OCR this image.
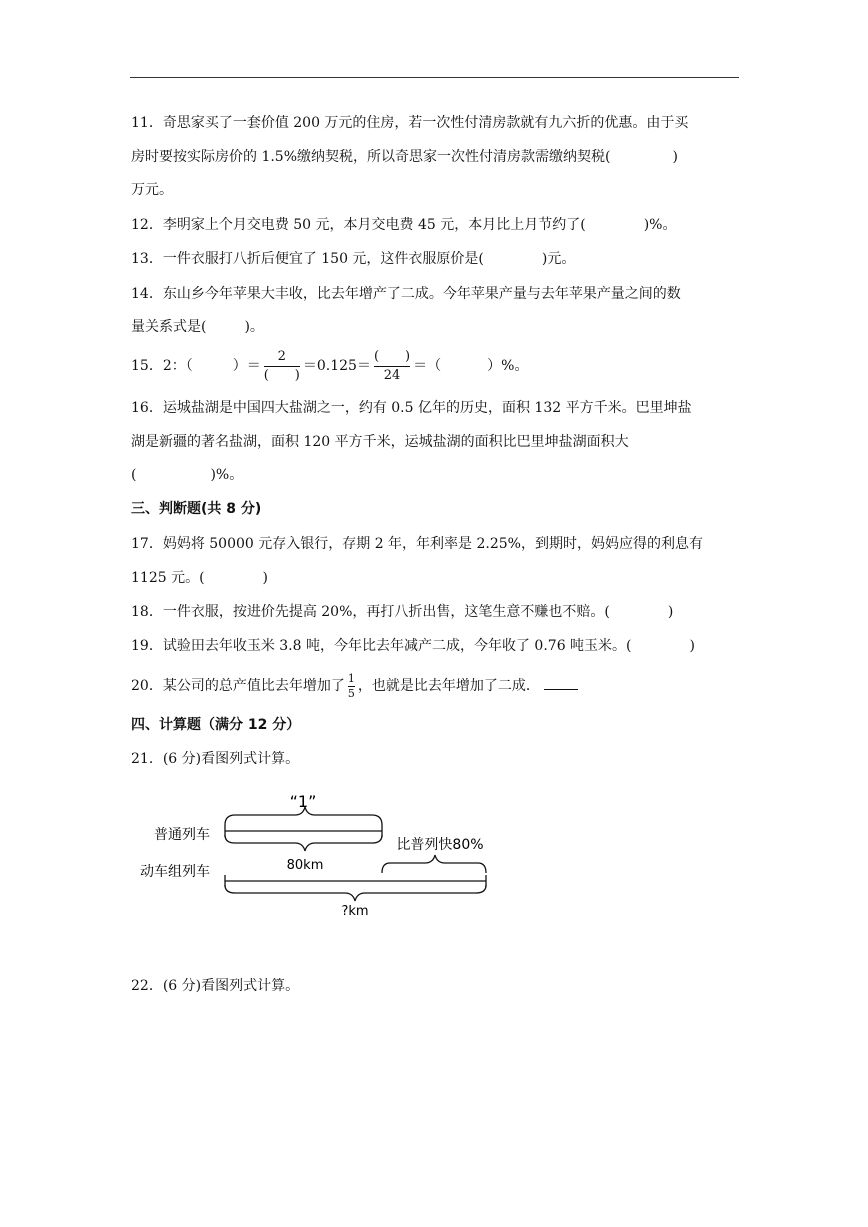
11．奇思家买了一套价值 200 万元的住房，若一次性付清房款就有九六折的优惠。由于买
房时要按实际房价的 1.5%缴纳契税，所以奇思家一次性付清房款需缴纳契税(	)
万元。
12．李明家上个月交电费 50 元，本月交电费 45 元，本月比上月节约了(	)%。
13．一件衣服打八折后便宜了 150 元，这件衣服原价是(	)元。
14．东山乡今年苹果大丰收，比去年增产了二成。今年苹果产量与去年苹果产量之间的数
量关系式是(	)。
15．2：（	）＝ $\frac{2}{( )} =0.125= \frac{( )}{24}$ ＝（	）%。
16．运城盐湖是中国四大盐湖之一，约有 0.5 亿年的历史，面积 132 平方千米。巴里坤盐
湖是新疆的著名盐湖，面积 120 平方千米，运城盐湖的面积比巴里坤盐湖面积大
(	)%。
三、判断题(共 8 分)
17．妈妈将 50000 元存入银行，存期 2 年，年利率是 2.25%，到期时，妈妈应得的利息有
1125 元。(	)
18．一件衣服，按进价先提高 20%，再打八折出售，这笔生意不赚也不赔。(	)
19．试验田去年收玉米 3.8 吨，今年比去年减产二成，今年收了 0.76 吨玉米。(	)
20．某公司的总产值比去年增加了 $\frac{1}{5}$ ，也就是比去年增加了二成．
四、计算题（满分 12 分）
21．(6 分)看图列式计算。
“1”
普通列车
80km
比普列快80%
动车组列车
?km
22．(6 分)看图列式计算。
